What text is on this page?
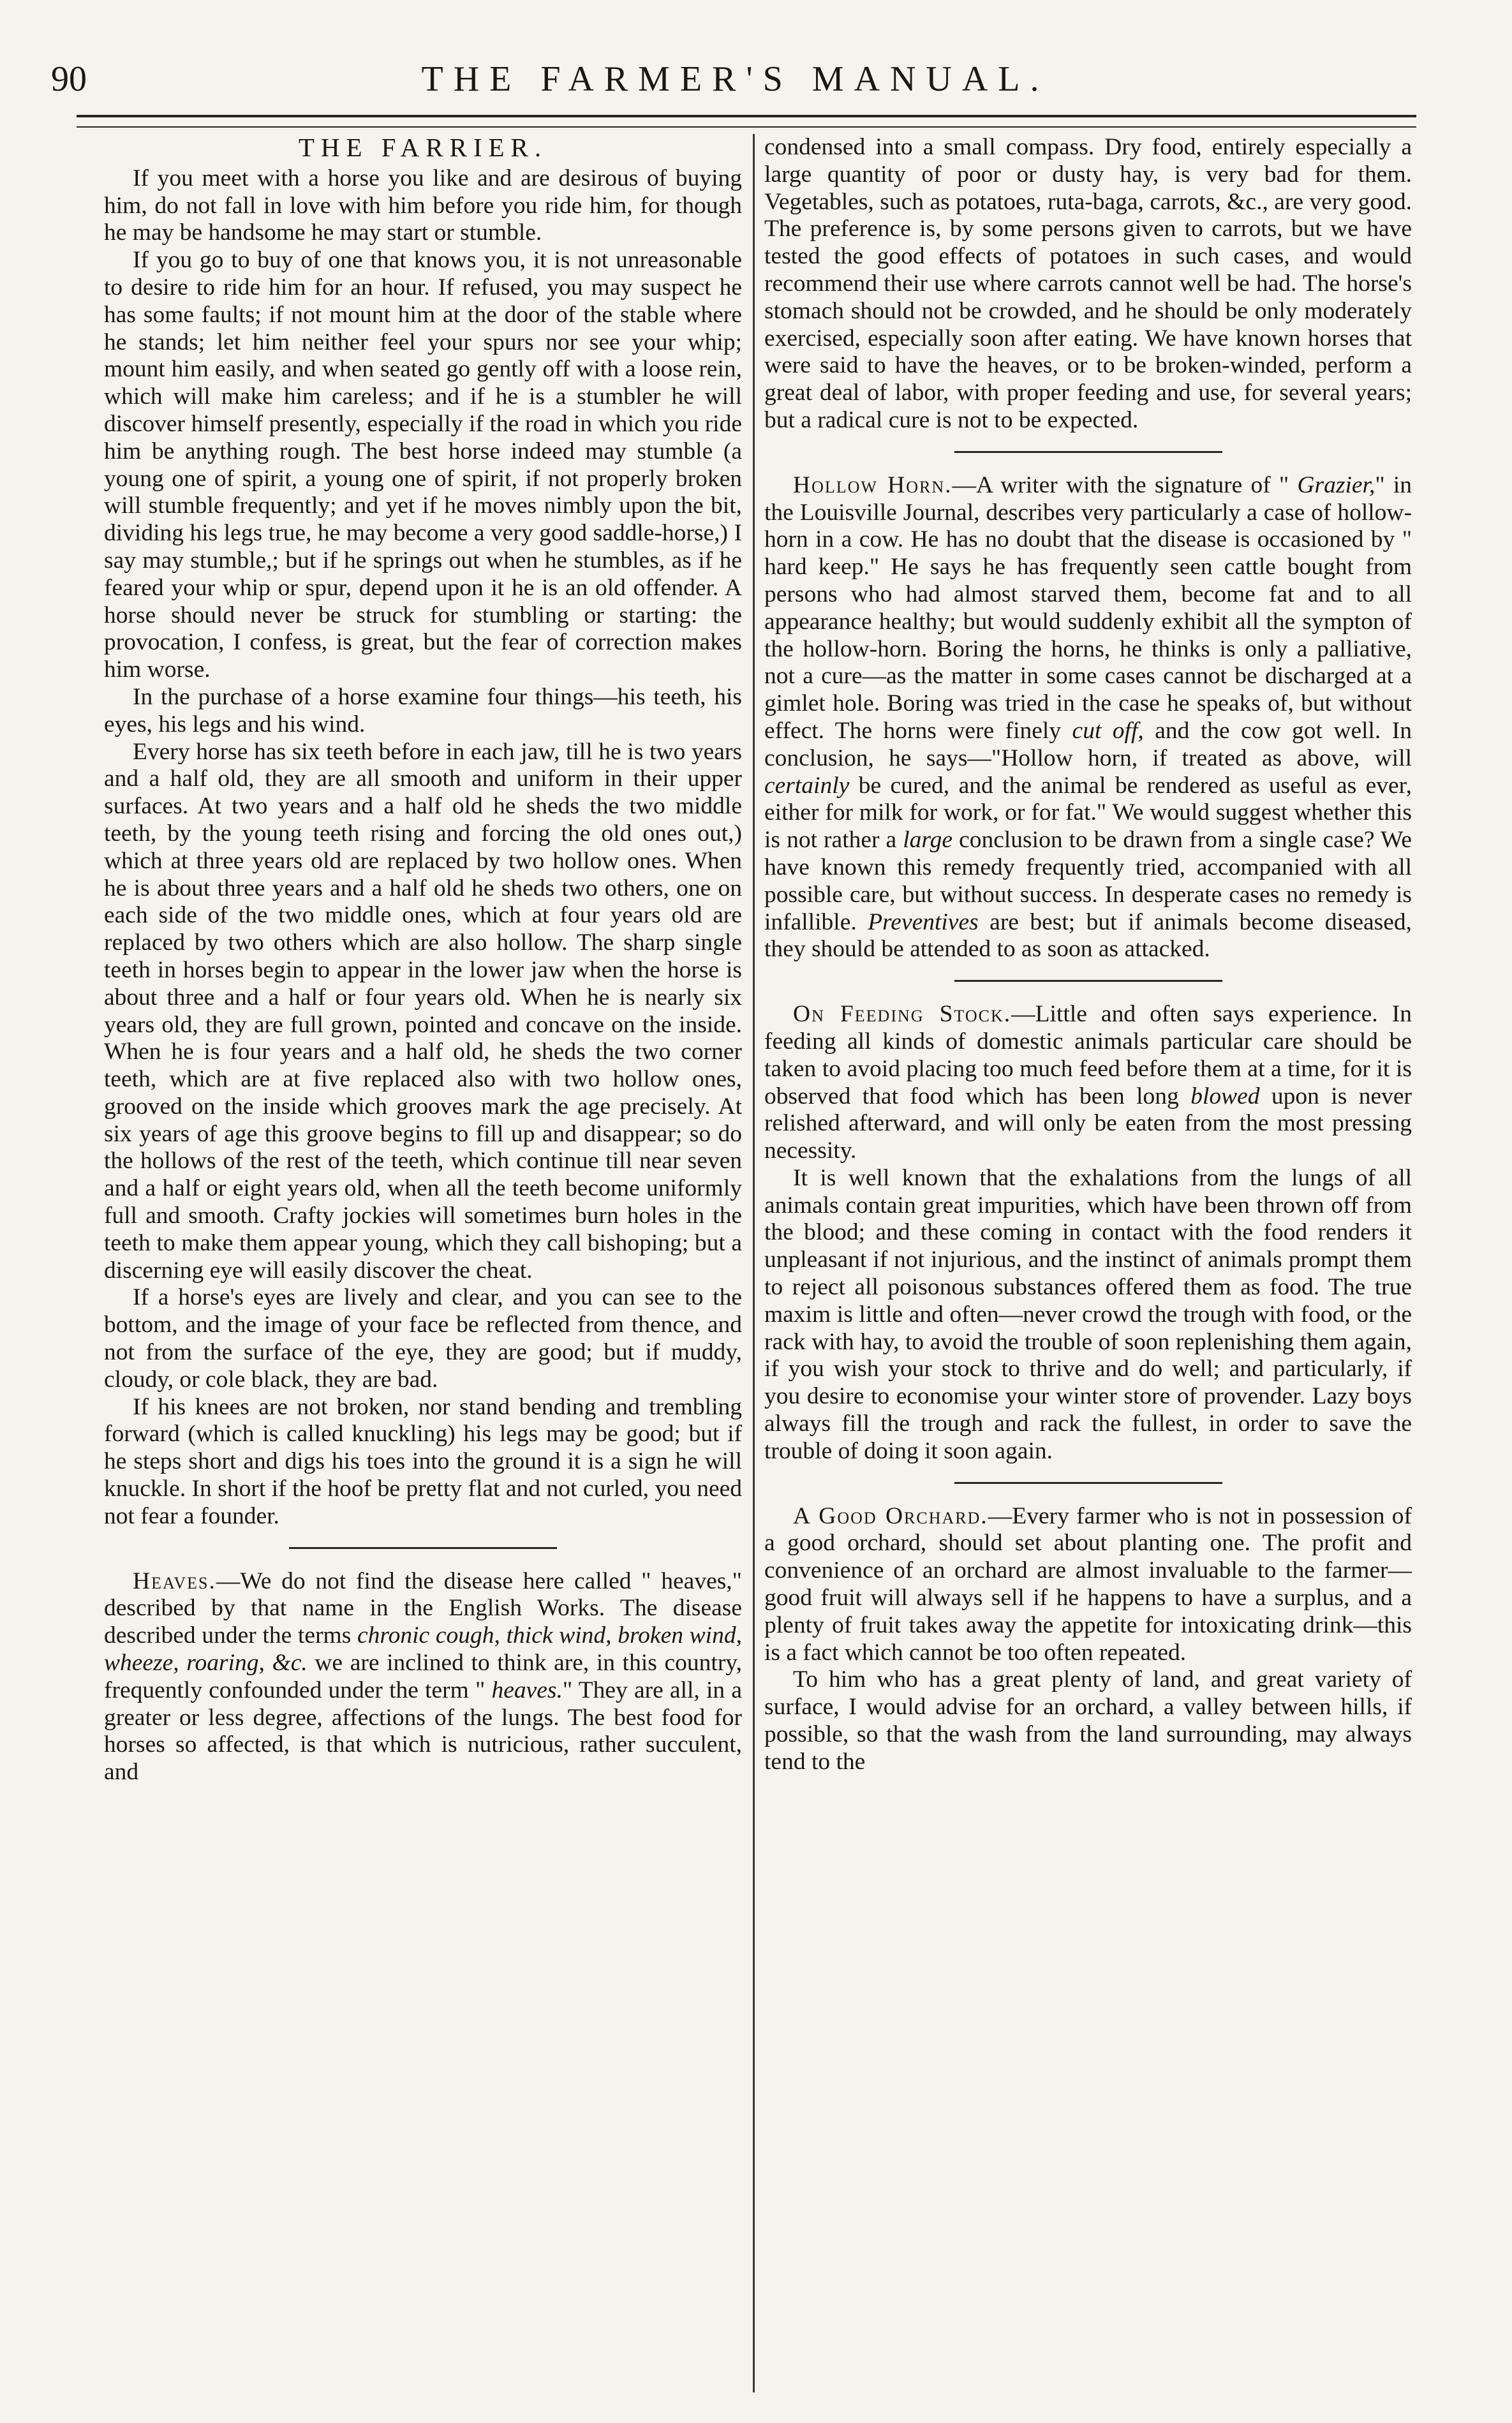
90	THE FARMER'S MANUAL.
THE FARRIER.

If you meet with a horse you like and are desirous of buying him, do not fall in love with him before you ride him, for though he may be handsome he may start or stumble.

If you go to buy of one that knows you, it is not unreasonable to desire to ride him for an hour. If refused, you may suspect he has some faults; if not mount him at the door of the stable where he stands; let him neither feel your spurs nor see your whip; mount him easily, and when seated go gently off with a loose rein, which will make him careless; and if he is a stumbler he will discover himself presently, especially if the road in which you ride him be anything rough. The best horse indeed may stumble (a young one of spirit, a young one of spirit, if not properly broken will stumble frequently; and yet if he moves nimbly upon the bit, dividing his legs true, he may become a very good saddle-horse,) I say may stumble,; but if he springs out when he stumbles, as if he feared your whip or spur, depend upon it he is an old offender. A horse should never be struck for stumbling or starting: the provocation, I confess, is great, but the fear of correction makes him worse.

In the purchase of a horse examine four things—his teeth, his eyes, his legs and his wind.

Every horse has six teeth before in each jaw, till he is two years and a half old, they are all smooth and uniform in their upper surfaces. At two years and a half old he sheds the two middle teeth, by the young teeth rising and forcing the old ones out,) which at three years old are replaced by two hollow ones. When he is about three years and a half old he sheds two others, one on each side of the two middle ones, which at four years old are replaced by two others which are also hollow. The sharp single teeth in horses begin to appear in the lower jaw when the horse is about three and a half or four years old. When he is nearly six years old, they are full grown, pointed and concave on the inside. When he is four years and a half old, he sheds the two corner teeth, which are at five replaced also with two hollow ones, grooved on the inside which grooves mark the age precisely. At six years of age this groove begins to fill up and disappear; so do the hollows of the rest of the teeth, which continue till near seven and a half or eight years old, when all the teeth become uniformly full and smooth. Crafty jockies will sometimes burn holes in the teeth to make them appear young, which they call bishoping; but a discerning eye will easily discover the cheat.

If a horse's eyes are lively and clear, and you can see to the bottom, and the image of your face be reflected from thence, and not from the surface of the eye, they are good; but if muddy, cloudy, or cole black, they are bad.

If his knees are not broken, nor stand bending and trembling forward (which is called knuckling) his legs may be good; but if he steps short and digs his toes into the ground it is a sign he will knuckle. In short if the hoof be pretty flat and not curled, you need not fear a founder.

Heaves.—We do not find the disease here called " heaves," described by that name in the English Works. The disease described under the terms chronic cough, thick wind, broken wind, wheeze, roaring, &c. we are inclined to think are, in this country, frequently confounded under the term " heaves." They are all, in a greater or less degree, affections of the lungs. The best food for horses so affected, is that which is nutricious, rather succulent, and

condensed into a small compass. Dry food, entirely especially a large quantity of poor or dusty hay, is very bad for them. Vegetables, such as potatoes, ruta-baga, carrots, &c., are very good. The preference is, by some persons given to carrots, but we have tested the good effects of potatoes in such cases, and would recommend their use where carrots cannot well be had. The horse's stomach should not be crowded, and he should be only moderately exercised, especially soon after eating. We have known horses that were said to have the heaves, or to be broken-winded, perform a great deal of labor, with proper feeding and use, for several years; but a radical cure is not to be expected.

Hollow Horn.—A writer with the signature of " Grazier," in the Louisville Journal, describes very particularly a case of hollow-horn in a cow. He has no doubt that the disease is occasioned by " hard keep." He says he has frequently seen cattle bought from persons who had almost starved them, become fat and to all appearance healthy; but would suddenly exhibit all the sympton of the hollow-horn. Boring the horns, he thinks is only a palliative, not a cure—as the matter in some cases cannot be discharged at a gimlet hole. Boring was tried in the case he speaks of, but without effect. The horns were finely cut off, and the cow got well. In conclusion, he says—"Hollow horn, if treated as above, will certainly be cured, and the animal be rendered as useful as ever, either for milk for work, or for fat." We would suggest whether this is not rather a large conclusion to be drawn from a single case? We have known this remedy frequently tried, accompanied with all possible care, but without success. In desperate cases no remedy is infallible. Preventives are best; but if animals become diseased, they should be attended to as soon as attacked.

On Feeding Stock.—Little and often says experience. In feeding all kinds of domestic animals particular care should be taken to avoid placing too much feed before them at a time, for it is observed that food which has been long blowed upon is never relished afterward, and will only be eaten from the most pressing necessity.

It is well known that the exhalations from the lungs of all animals contain great impurities, which have been thrown off from the blood; and these coming in contact with the food renders it unpleasant if not injurious, and the instinct of animals prompt them to reject all poisonous substances offered them as food. The true maxim is little and often—never crowd the trough with food, or the rack with hay, to avoid the trouble of soon replenishing them again, if you wish your stock to thrive and do well; and particularly, if you desire to economise your winter store of provender. Lazy boys always fill the trough and rack the fullest, in order to save the trouble of doing it soon again.

A Good Orchard.—Every farmer who is not in possession of a good orchard, should set about planting one. The profit and convenience of an orchard are almost invaluable to the farmer—good fruit will always sell if he happens to have a surplus, and a plenty of fruit takes away the appetite for intoxicating drink—this is a fact which cannot be too often repeated.

To him who has a great plenty of land, and great variety of surface, I would advise for an orchard, a valley between hills, if possible, so that the wash from the land surrounding, may always tend to the
